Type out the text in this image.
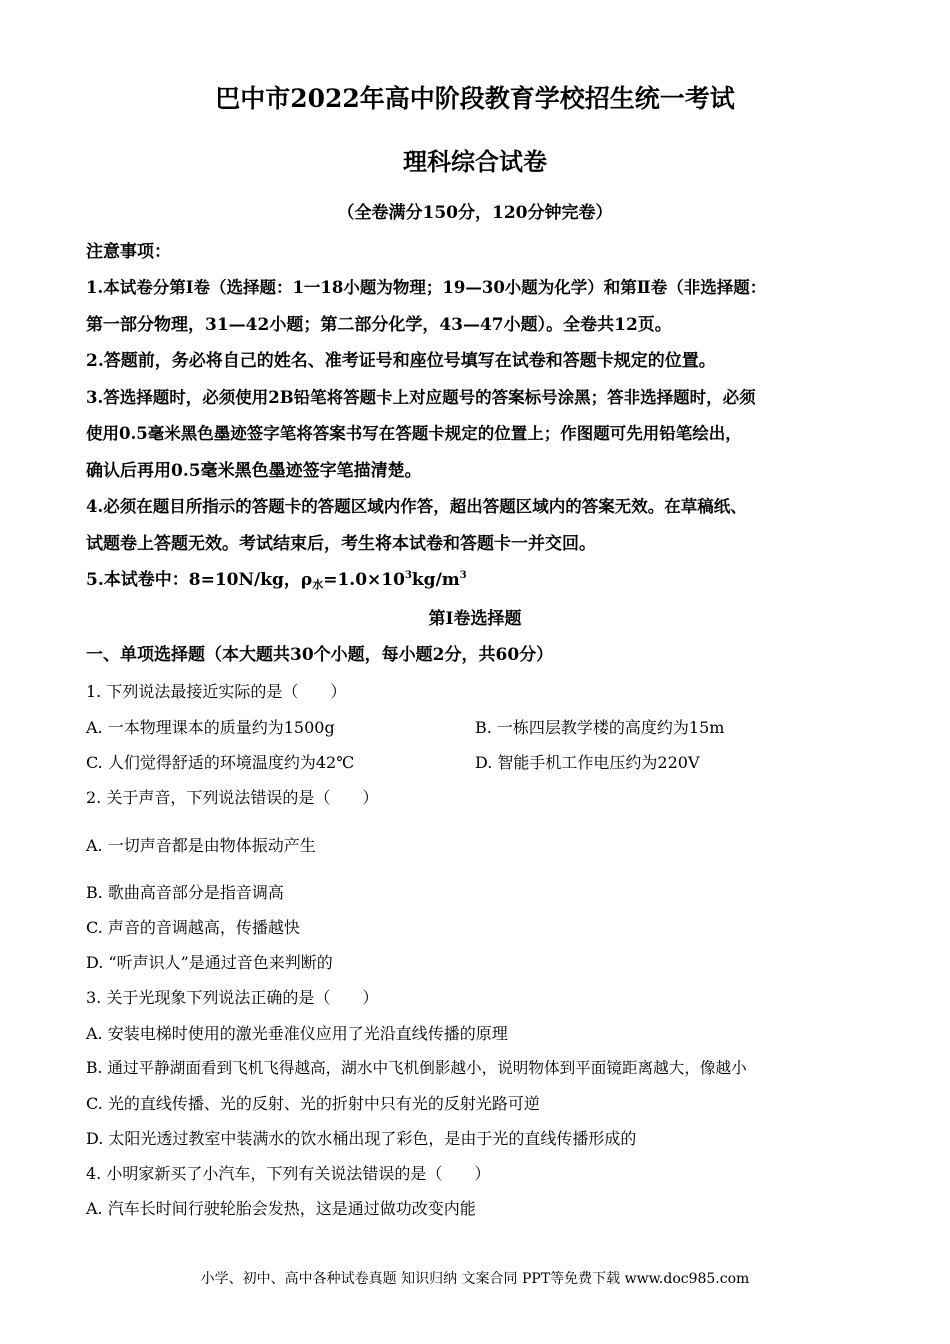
巴中市2022年高中阶段教育学校招生统一考试
理科综合试卷
（全卷满分150分，120分钟完卷）
注意事项：
1.本试卷分第Ⅰ卷（选择题：1一18小题为物理；19—30小题为化学）和第Ⅱ卷（非选择题：
第一部分物理，31—42小题；第二部分化学，43—47小题）。全卷共12页。
2.答题前，务必将自己的姓名、准考证号和座位号填写在试卷和答题卡规定的位置。
3.答选择题时，必须使用2B铅笔将答题卡上对应题号的答案标号涂黑；答非选择题时，必须
使用0.5毫米黑色墨迹签字笔将答案书写在答题卡规定的位置上；作图题可先用铅笔绘出，
确认后再用0.5毫米黑色墨迹签字笔描清楚。
4.必须在题目所指示的答题卡的答题区域内作答，超出答题区域内的答案无效。在草稿纸、
试题卷上答题无效。考试结束后，考生将本试卷和答题卡一并交回。
5.本试卷中：8=10N/kg，ρ水$=1.0\times 10^3kg/m^3$
第Ⅰ卷选择题
一、单项选择题（本大题共30个小题，每小题2分，共60分）
1. 下列说法最接近实际的是（　　）
A. 一本物理课本的质量约为1500g	B. 一栋四层教学楼的高度约为15m
C. 人们觉得舒适的环境温度约为42℃	D. 智能手机工作电压约为220V
2. 关于声音，下列说法错误的是（　　）
A. 一切声音都是由物体振动产生
B. 歌曲高音部分是指音调高
C. 声音的音调越高，传播越快
D. “听声识人”是通过音色来判断的
3. 关于光现象下列说法正确的是（　　）
A. 安装电梯时使用的激光垂准仪应用了光沿直线传播的原理
B. 通过平静湖面看到飞机飞得越高，湖水中飞机倒影越小，说明物体到平面镜距离越大，像越小
C. 光的直线传播、光的反射、光的折射中只有光的反射光路可逆
D. 太阳光透过教室中装满水的饮水桶出现了彩色，是由于光的直线传播形成的
4. 小明家新买了小汽车，下列有关说法错误的是（　　）
A. 汽车长时间行驶轮胎会发热，这是通过做功改变内能
小学、初中、高中各种试卷真题 知识归纳 文案合同 PPT等免费下载 www.doc985.com
